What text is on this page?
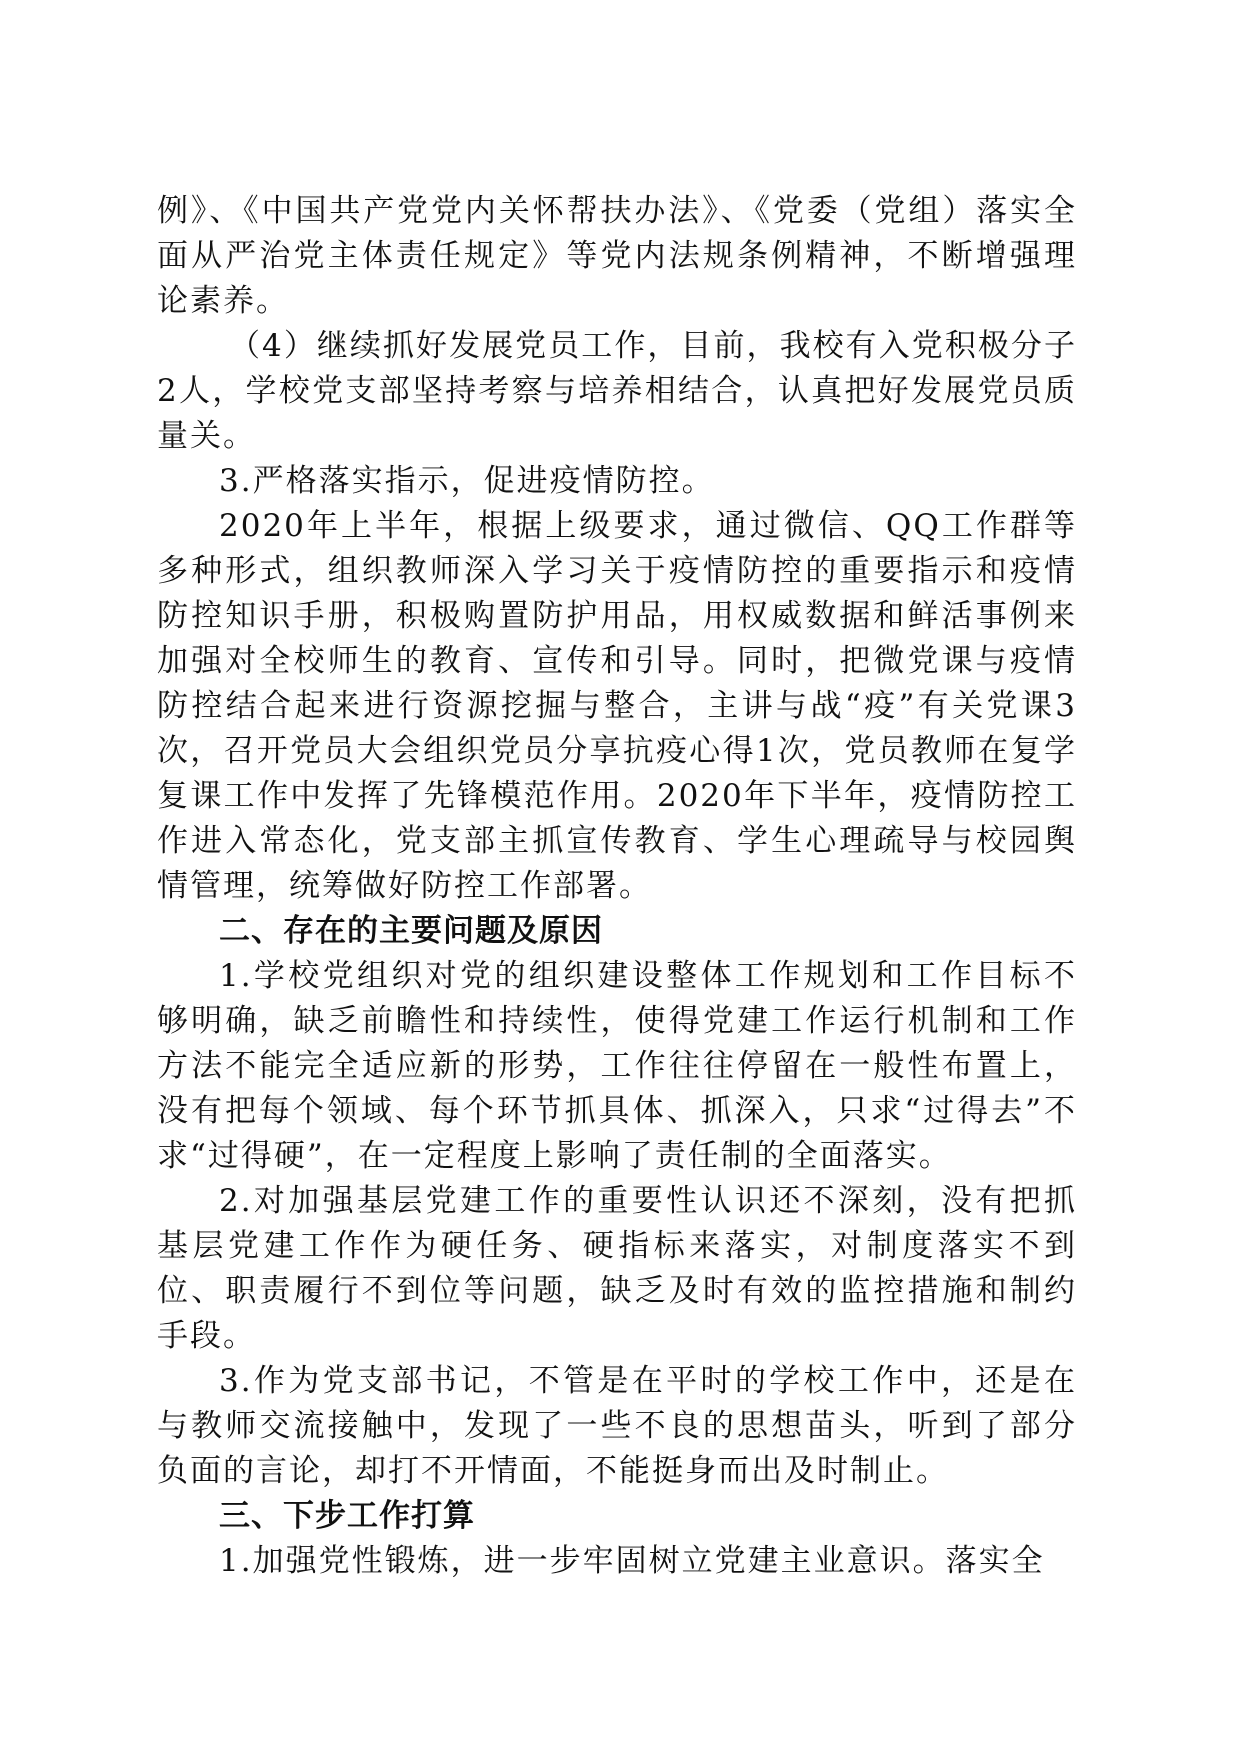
例》、《中国共产党党内关怀帮扶办法》、《党委（党组）落实全面从严治党主体责任规定》等党内法规条例精神，不断增强理论素养。

（4）继续抓好发展党员工作，目前，我校有入党积极分子2人，学校党支部坚持考察与培养相结合，认真把好发展党员质量关。

3.严格落实指示，促进疫情防控。

2020年上半年，根据上级要求，通过微信、QQ工作群等多种形式，组织教师深入学习关于疫情防控的重要指示和疫情防控知识手册，积极购置防护用品，用权威数据和鲜活事例来加强对全校师生的教育、宣传和引导。同时，把微党课与疫情防控结合起来进行资源挖掘与整合，主讲与战“疫”有关党课3次，召开党员大会组织党员分享抗疫心得1次，党员教师在复学复课工作中发挥了先锋模范作用。2020年下半年，疫情防控工作进入常态化，党支部主抓宣传教育、学生心理疏导与校园舆情管理，统筹做好防控工作部署。

二、存在的主要问题及原因

1.学校党组织对党的组织建设整体工作规划和工作目标不够明确，缺乏前瞻性和持续性，使得党建工作运行机制和工作方法不能完全适应新的形势，工作往往停留在一般性布置上，没有把每个领域、每个环节抓具体、抓深入，只求“过得去”不求“过得硬”，在一定程度上影响了责任制的全面落实。

2.对加强基层党建工作的重要性认识还不深刻，没有把抓基层党建工作作为硬任务、硬指标来落实，对制度落实不到位、职责履行不到位等问题，缺乏及时有效的监控措施和制约手段。

3.作为党支部书记，不管是在平时的学校工作中，还是在与教师交流接触中，发现了一些不良的思想苗头，听到了部分负面的言论，却打不开情面，不能挺身而出及时制止。

三、下步工作打算

1.加强党性锻炼，进一步牢固树立党建主业意识。落实全
